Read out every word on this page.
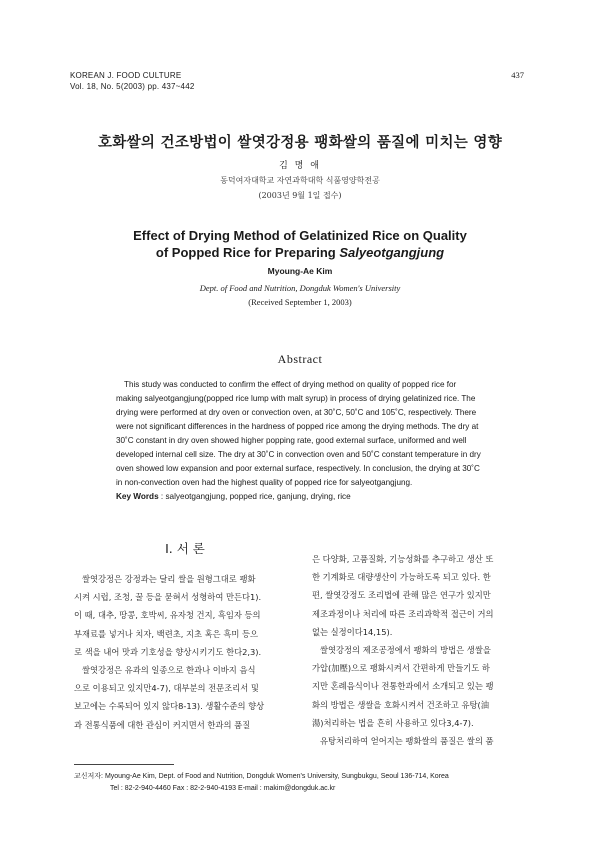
KOREAN J. FOOD CULTURE
Vol. 18, No. 5(2003) pp. 437~442
437
호화쌀의 건조방법이 쌀엿강정용 팽화쌀의 품질에 미치는 영향
김 명 애
동덕여자대학교 자연과학대학 식품영양학전공
(2003년 9월 1일 접수)
Effect of Drying Method of Gelatinized Rice on Quality
of Popped Rice for Preparing Salyeotgangjung
Myoung-Ae Kim
Dept. of Food and Nutrition, Dongduk Women's University
(Received September 1, 2003)
Abstract
This study was conducted to confirm the effect of drying method on quality of popped rice for
making salyeotgangjung(popped rice lump with malt syrup) in process of drying gelatinized rice. The
drying were performed at dry oven or convection oven, at 30˚C, 50˚C and 105˚C, respectively. There
were not significant differences in the hardness of popped rice among the drying methods. The dry at
30˚C constant in dry oven showed higher popping rate, good external surface, uniformed and well
developed internal cell size. The dry at 30˚C in convection oven and 50˚C constant temperature in dry
oven showed low expansion and poor external surface, respectively. In conclusion, the drying at 30˚C
in non-convection oven had the highest quality of popped rice for salyeotgangjung.
Key Words : salyeotgangjung, popped rice, ganjung, drying, rice
I. 서 론
쌀엿강정은 강정과는 달리 쌀을 원형그대로 팽화
시켜 시럽, 조청, 꿀 등을 묻혀서 성형하여 만든다1).
이 때, 대추, 땅콩, 호박씨, 유자청 건지, 흑임자 등의
부재료를 넣거나 치자, 백련초, 지초 혹은 흑미 등으
로 색을 내어 맛과 기호성을 향상시키기도 한다2,3).
쌀엿강정은 유과의 일종으로 한과나 이바지 음식
으로 이용되고 있지만4-7), 대부분의 전문조리서 및
보고에는 수록되어 있지 않다8-13). 생활수준의 향상
과 전통식품에 대한 관심이 커지면서 한과의 품질
은 다양화, 고품질화, 기능성화를 추구하고 생산 또
한 기계화로 대량생산이 가능하도록 되고 있다. 한
편, 쌀엿강정도 조리법에 관해 많은 연구가 있지만
제조과정이나 처리에 따른 조리과학적 접근이 거의
없는 실정이다14,15).
쌀엿강정의 제조공정에서 팽화의 방법은 생쌀을
가압(加壓)으로 팽화시켜서 간편하게 만들기도 하
지만 혼례음식이나 전통한과에서 소개되고 있는 팽
화의 방법은 생쌀을 호화시켜서 건조하고 유탕(油
湯)처리하는 법을 흔히 사용하고 있다3,4-7).
유탕처리하여 얻어지는 팽화쌀의 품질은 쌀의 품
교신저자: Myoung-Ae Kim, Dept. of Food and Nutrition, Dongduk Women's University, Sungbukgu, Seoul 136-714, Korea
Tel : 82-2-940-4460 Fax : 82-2-940-4193 E-mail : makim@dongduk.ac.kr
